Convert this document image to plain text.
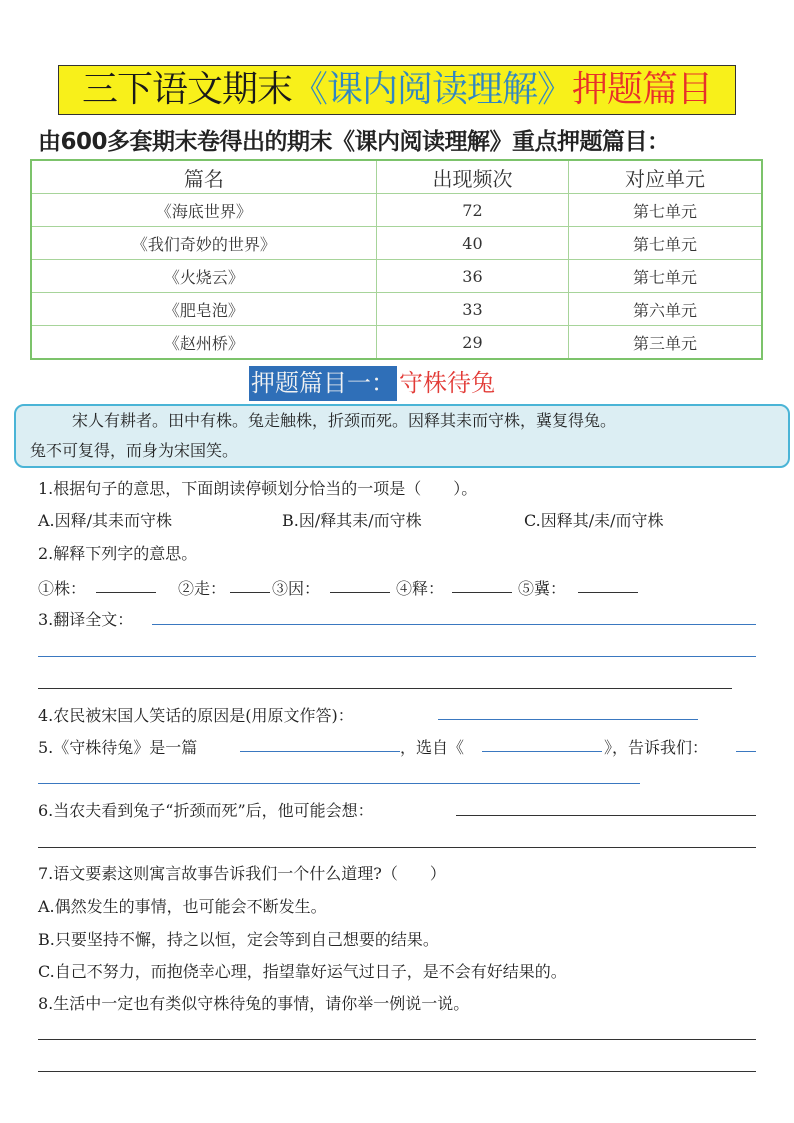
三下语文期末《课内阅读理解》押题篇目
由600多套期末卷得出的期末《课内阅读理解》重点押题篇目：
篇名	出现频次	对应单元
《海底世界》	72	第七单元
《我们奇妙的世界》	40	第七单元
《火烧云》	36	第七单元
《肥皂泡》	33	第六单元
《赵州桥》	29	第三单元
押题篇目一： 守株待兔
宋人有耕者。田中有株。兔走触株，折颈而死。因释其耒而守株，冀复得兔。
兔不可复得，而身为宋国笑。
1.根据句子的意思，下面朗读停顿划分恰当的一项是（　　）。
A.因释/其耒而守株	B.因/释其耒/而守株	C.因释其/耒/而守株
2.解释下列字的意思。
①株：	②走：	③因：	④释：	⑤冀：
3.翻译全文：
4.农民被宋国人笑话的原因是(用原文作答)：
5.《守株待兔》是一篇	，选自《	》，告诉我们：
6.当农夫看到兔子“折颈而死”后，他可能会想：
7.语文要素这则寓言故事告诉我们一个什么道理?（　　）
A.偶然发生的事情，也可能会不断发生。
B.只要坚持不懈，持之以恒，定会等到自己想要的结果。
C.自己不努力，而抱侥幸心理，指望靠好运气过日子，是不会有好结果的。
8.生活中一定也有类似守株待兔的事情，请你举一例说一说。
